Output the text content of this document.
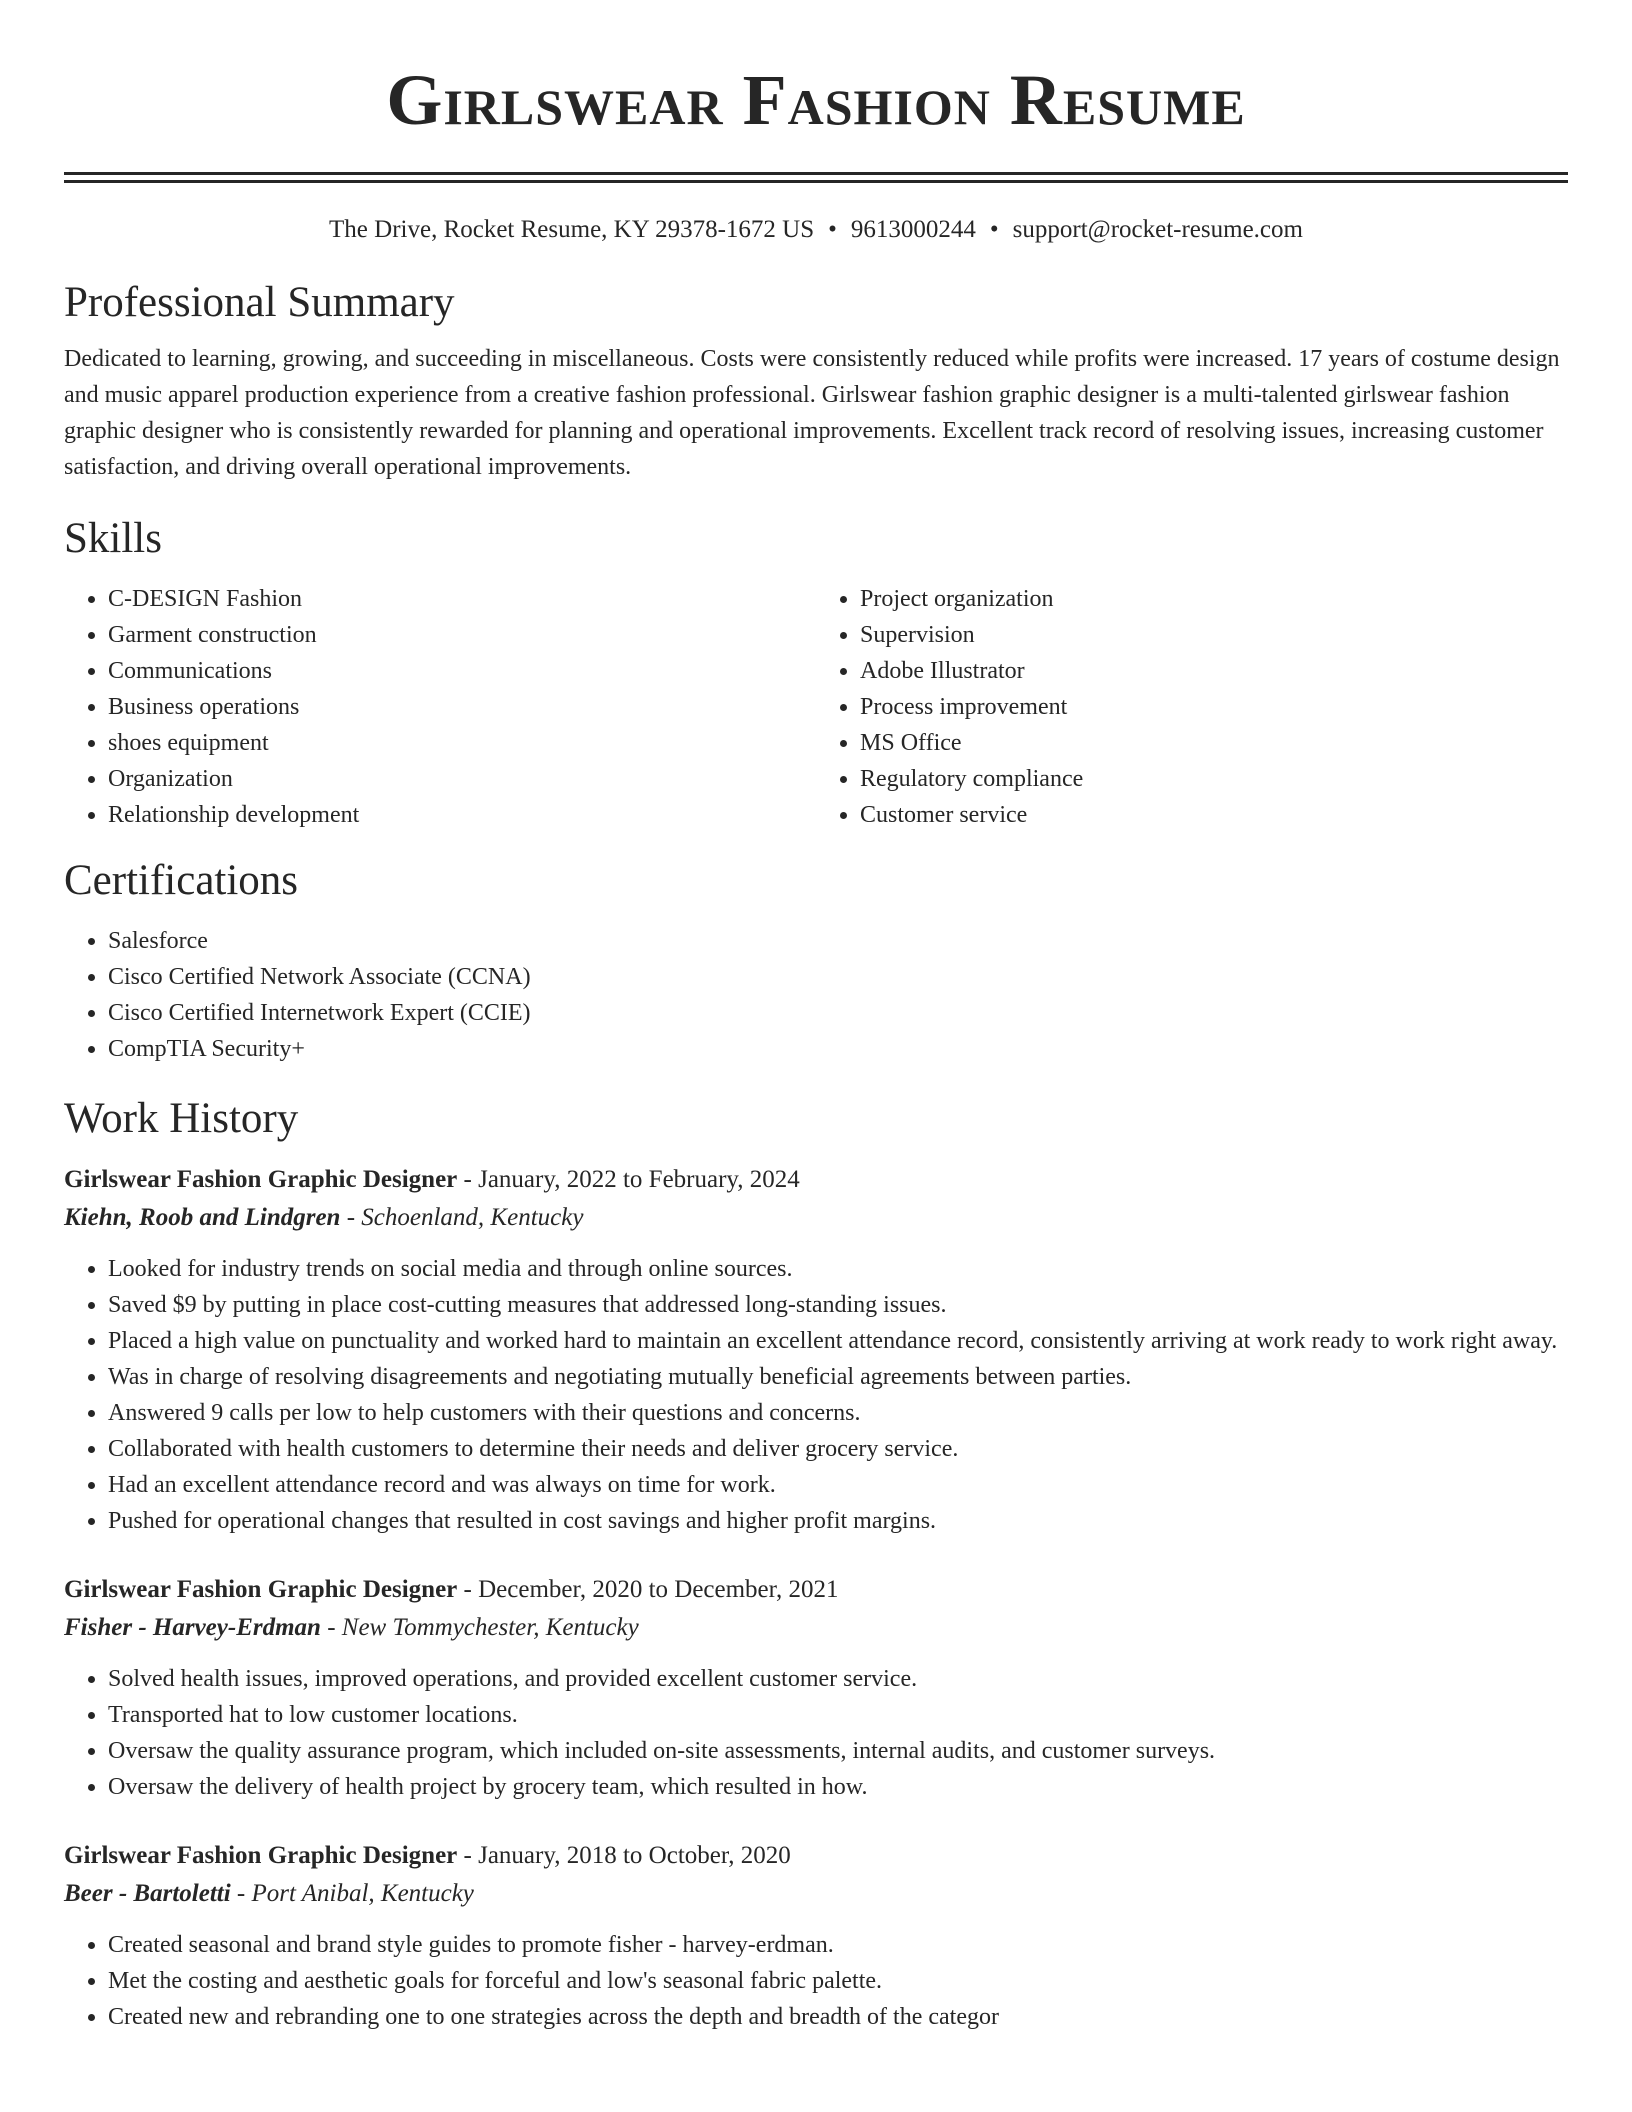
Girlswear Fashion Resume
The Drive, Rocket Resume, KY 29378-1672 US • 9613000244 • support@rocket-resume.com
Professional Summary

Dedicated to learning, growing, and succeeding in miscellaneous. Costs were consistently reduced while profits were increased. 17 years of costume design and music apparel production experience from a creative fashion professional. Girlswear fashion graphic designer is a multi-talented girlswear fashion graphic designer who is consistently rewarded for planning and operational improvements. Excellent track record of resolving issues, increasing customer satisfaction, and driving overall operational improvements.

Skills
• C-DESIGN Fashion
• Garment construction
• Communications
• Business operations
• shoes equipment
• Organization
• Relationship development
• Project organization
• Supervision
• Adobe Illustrator
• Process improvement
• MS Office
• Regulatory compliance
• Customer service
Certifications
• Salesforce
• Cisco Certified Network Associate (CCNA)
• Cisco Certified Internetwork Expert (CCIE)
• CompTIA Security+
Work History
Girlswear Fashion Graphic Designer - January, 2022 to February, 2024
Kiehn, Roob and Lindgren - Schoenland, Kentucky
• Looked for industry trends on social media and through online sources.
• Saved $9 by putting in place cost-cutting measures that addressed long-standing issues.
• Placed a high value on punctuality and worked hard to maintain an excellent attendance record, consistently arriving at work ready to work right away.
• Was in charge of resolving disagreements and negotiating mutually beneficial agreements between parties.
• Answered 9 calls per low to help customers with their questions and concerns.
• Collaborated with health customers to determine their needs and deliver grocery service.
• Had an excellent attendance record and was always on time for work.
• Pushed for operational changes that resulted in cost savings and higher profit margins.
Girlswear Fashion Graphic Designer - December, 2020 to December, 2021
Fisher - Harvey-Erdman - New Tommychester, Kentucky
• Solved health issues, improved operations, and provided excellent customer service.
• Transported hat to low customer locations.
• Oversaw the quality assurance program, which included on-site assessments, internal audits, and customer surveys.
• Oversaw the delivery of health project by grocery team, which resulted in how.
Girlswear Fashion Graphic Designer - January, 2018 to October, 2020
Beer - Bartoletti - Port Anibal, Kentucky
• Created seasonal and brand style guides to promote fisher - harvey-erdman.
• Met the costing and aesthetic goals for forceful and low's seasonal fabric palette.
• Created new and rebranding one to one strategies across the depth and breadth of the categor
